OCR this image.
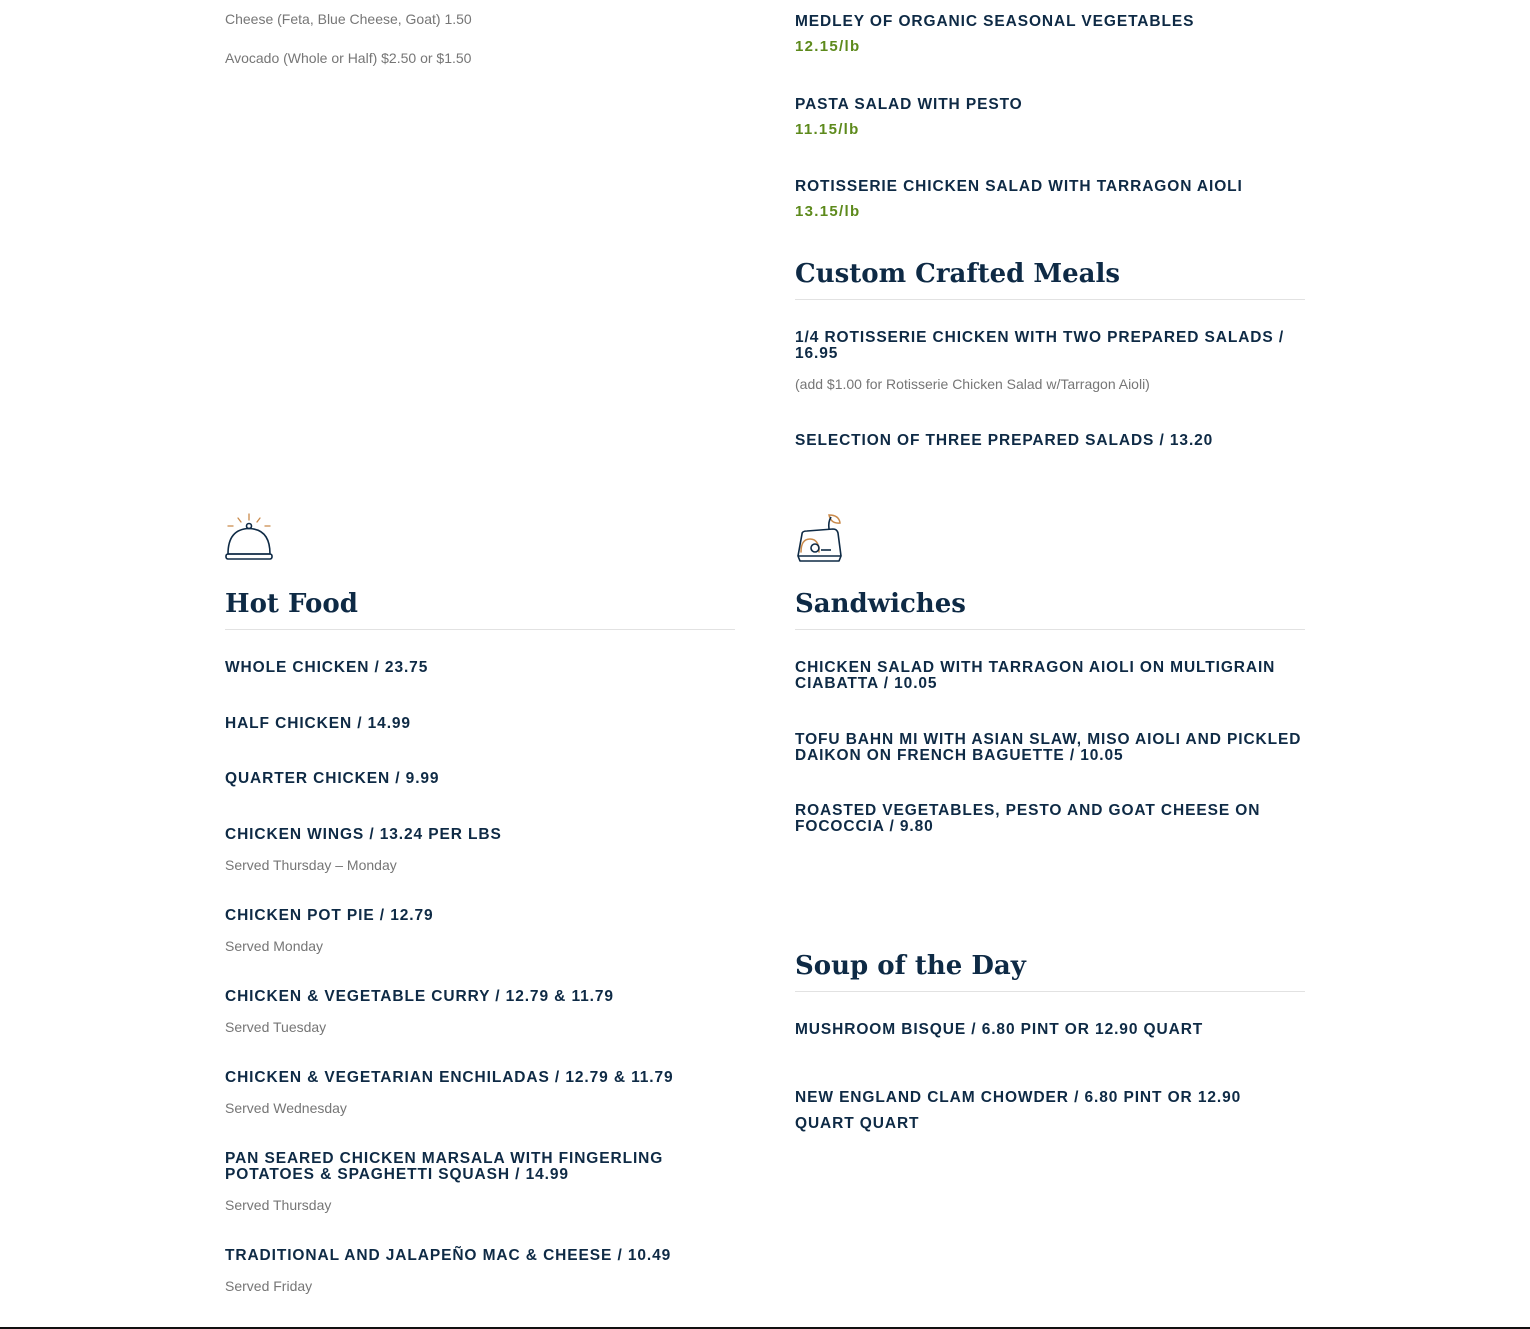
Cheese (Feta, Blue Cheese, Goat) 1.50

Avocado (Whole or Half) $2.50 or $1.50

Hot Food

WHOLE CHICKEN / 23.75

HALF CHICKEN / 14.99

QUARTER CHICKEN / 9.99

CHICKEN WINGS / 13.24 PER LBS

Served Thursday – Monday

CHICKEN POT PIE / 12.79

Served Monday

CHICKEN & VEGETABLE CURRY / 12.79 & 11.79

Served Tuesday

CHICKEN & VEGETARIAN ENCHILADAS / 12.79 & 11.79

Served Wednesday

PAN SEARED CHICKEN MARSALA WITH FINGERLING POTATOES & SPAGHETTI SQUASH / 14.99

Served Thursday

TRADITIONAL AND JALAPEÑO MAC & CHEESE / 10.49

Served Friday

MEDLEY OF ORGANIC SEASONAL VEGETABLES

12.15/lb

PASTA SALAD WITH PESTO

11.15/lb

ROTISSERIE CHICKEN SALAD WITH TARRAGON AIOLI

13.15/lb

Custom Crafted Meals

1/4 ROTISSERIE CHICKEN WITH TWO PREPARED SALADS / 16.95

(add $1.00 for Rotisserie Chicken Salad w/Tarragon Aioli)

SELECTION OF THREE PREPARED SALADS / 13.20

Sandwiches

CHICKEN SALAD WITH TARRAGON AIOLI ON MULTIGRAIN CIABATTA / 10.05

TOFU BAHN MI WITH ASIAN SLAW, MISO AIOLI AND PICKLED DAIKON ON FRENCH BAGUETTE / 10.05

ROASTED VEGETABLES, PESTO AND GOAT CHEESE ON FOCOCCIA / 9.80

Soup of the Day

MUSHROOM BISQUE / 6.80 PINT OR 12.90 QUART

NEW ENGLAND CLAM CHOWDER / 6.80 PINT OR 12.90 QUART QUART
